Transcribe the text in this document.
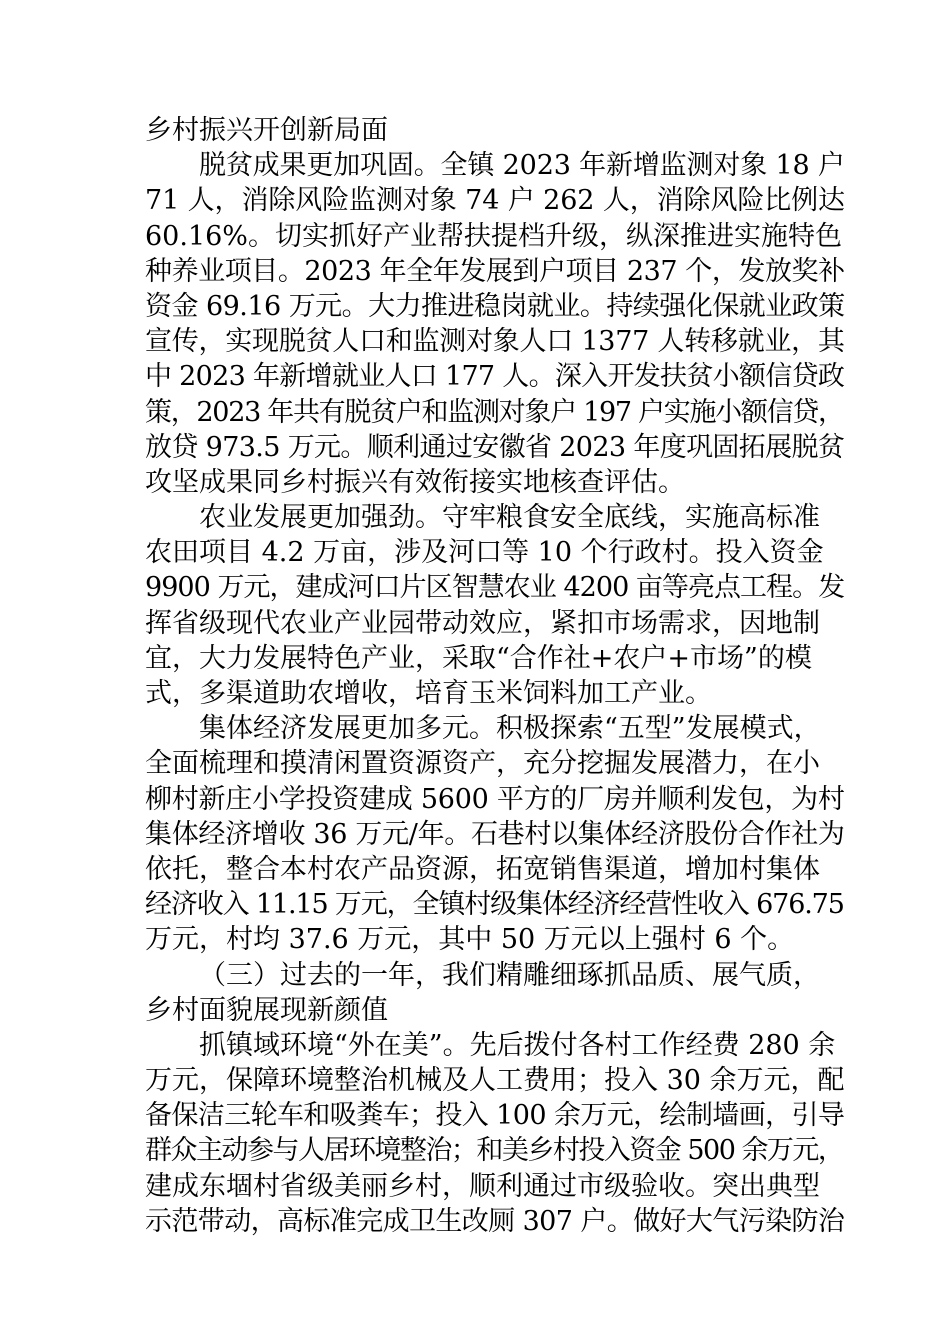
乡村振兴开创新局面
脱贫成果更加巩固。全镇 2023 年新增监测对象 18 户
71 人，消除风险监测对象 74 户 262 人，消除风险比例达
60.16%。切实抓好产业帮扶提档升级，纵深推进实施特色
种养业项目。2023 年全年发展到户项目 237 个，发放奖补
资金 69.16 万元。大力推进稳岗就业。持续强化保就业政策
宣传，实现脱贫人口和监测对象人口 1377 人转移就业，其
中 2023 年新增就业人口 177 人。深入开发扶贫小额信贷政
策，2023 年共有脱贫户和监测对象户 197 户实施小额信贷，
放贷 973.5 万元。顺利通过安徽省 2023 年度巩固拓展脱贫
攻坚成果同乡村振兴有效衔接实地核查评估。
农业发展更加强劲。守牢粮食安全底线，实施高标准
农田项目 4.2 万亩，涉及河口等 10 个行政村。投入资金
9900 万元，建成河口片区智慧农业 4200 亩等亮点工程。发
挥省级现代农业产业园带动效应，紧扣市场需求，因地制
宜，大力发展特色产业，采取“合作社+农户+市场”的模
式，多渠道助农增收，培育玉米饲料加工产业。
集体经济发展更加多元。积极探索“五型”发展模式，
全面梳理和摸清闲置资源资产，充分挖掘发展潜力，在小
柳村新庄小学投资建成 5600 平方的厂房并顺利发包，为村
集体经济增收 36 万元/年。石巷村以集体经济股份合作社为
依托，整合本村农产品资源，拓宽销售渠道，增加村集体
经济收入 11.15 万元，全镇村级集体经济经营性收入 676.75
万元，村均 37.6 万元，其中 50 万元以上强村 6 个。
（三）过去的一年，我们精雕细琢抓品质、展气质，
乡村面貌展现新颜值
抓镇域环境“外在美”。先后拨付各村工作经费 280 余
万元，保障环境整治机械及人工费用；投入 30 余万元，配
备保洁三轮车和吸粪车；投入 100 余万元，绘制墙画，引导
群众主动参与人居环境整治；和美乡村投入资金 500 余万元，
建成东堌村省级美丽乡村，顺利通过市级验收。突出典型
示范带动，高标准完成卫生改厕 307 户。做好大气污染防治
